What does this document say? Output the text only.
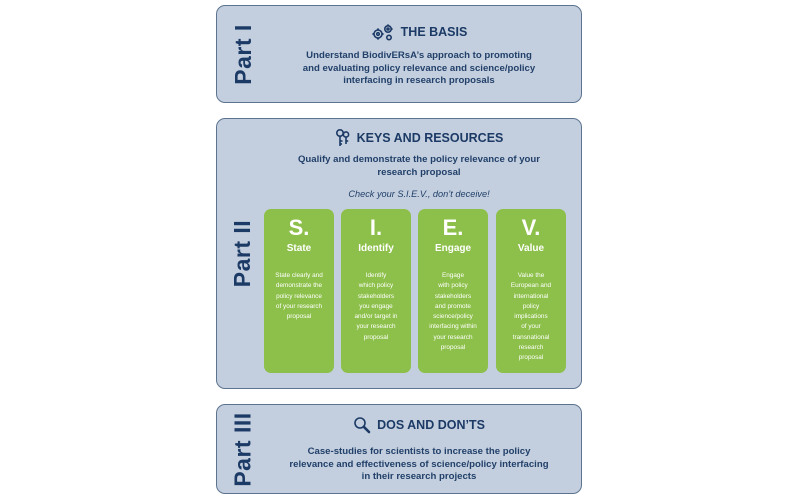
Part I	THE BASIS
Understand BiodivERsA’s approach to promoting
and evaluating policy relevance and science/policy
interfacing in research proposals
Part II
KEYS AND RESOURCES
Qualify and demonstrate the policy relevance of your
research proposal
Check your S.I.E.V., don’t deceive!
S.
State
State clearly and
demonstrate the
policy relevance
of your research
proposal
I.
Identify
Identify
which policy
stakeholders
you engage
and/or target in
your research
proposal
E.
Engage
Engage
with policy
stakeholders
and promote
science/policy
interfacing within
your research
proposal
V.
Value
Value the
European and
international
policy
implications
of your
transnational
research
proposal
Part III	DOS AND DON’TS
Case-studies for scientists to increase the policy
relevance and effectiveness of science/policy interfacing
in their research projects
